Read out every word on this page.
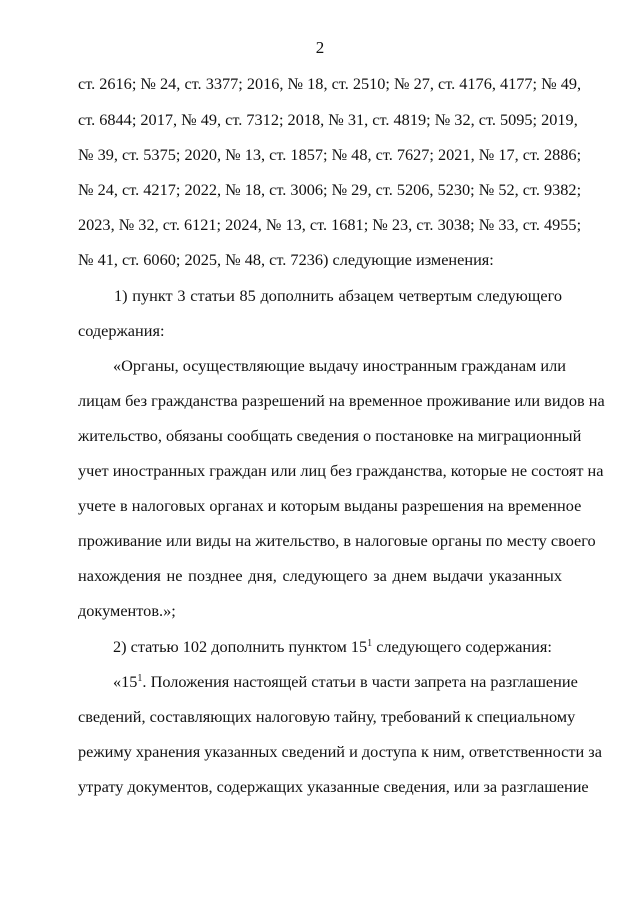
2
ст. 2616; № 24, ст. 3377; 2016, № 18, ст. 2510; № 27, ст. 4176, 4177; № 49,
ст. 6844; 2017, № 49, ст. 7312; 2018, № 31, ст. 4819; № 32, ст. 5095; 2019,
№ 39, ст. 5375; 2020, № 13, ст. 1857; № 48, ст. 7627; 2021, № 17, ст. 2886;
№ 24, ст. 4217; 2022, № 18, ст. 3006; № 29, ст. 5206, 5230; № 52, ст. 9382;
2023, № 32, ст. 6121; 2024, № 13, ст. 1681; № 23, ст. 3038; № 33, ст. 4955;
№ 41, ст. 6060; 2025, № 48, ст. 7236) следующие изменения:
1) пункт 3 статьи 85 дополнить абзацем четвертым следующего
содержания:
«Органы, осуществляющие выдачу иностранным гражданам или
лицам без гражданства разрешений на временное проживание или видов на
жительство, обязаны сообщать сведения о постановке на миграционный
учет иностранных граждан или лиц без гражданства, которые не состоят на
учете в налоговых органах и которым выданы разрешения на временное
проживание или виды на жительство, в налоговые органы по месту своего
нахождения не позднее дня, следующего за днем выдачи указанных
документов.»;
2) статью 102 дополнить пунктом $15^1$ следующего содержания:
«$15^1$. Положения настоящей статьи в части запрета на разглашение
сведений, составляющих налоговую тайну, требований к специальному
режиму хранения указанных сведений и доступа к ним, ответственности за
утрату документов, содержащих указанные сведения, или за разглашение
